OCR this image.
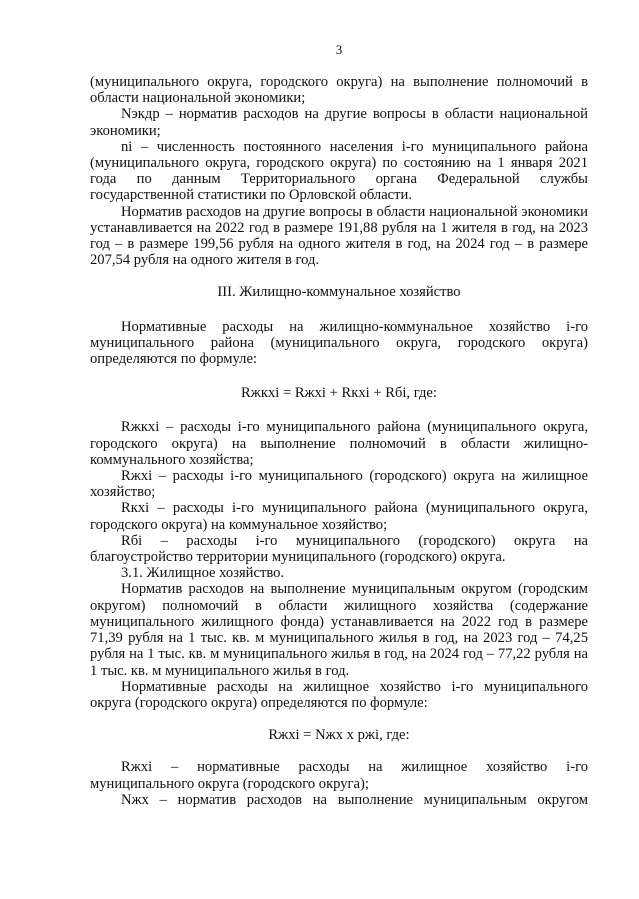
3

(муниципального округа, городского округа) на выполнение полномочий в области национальной экономики;

Nэкдр – норматив расходов на другие вопросы в области национальной экономики;

ni – численность постоянного населения i-го муниципального района (муниципального округа, городского округа) по состоянию на 1 января 2021 года по данным Территориального органа Федеральной службы государственной статистики по Орловской области.

Норматив расходов на другие вопросы в области национальной экономики устанавливается на 2022 год в размере 191,88 рубля на 1 жителя в год, на 2023 год – в размере 199,56 рубля на одного жителя в год, на 2024 год – в размере 207,54 рубля на одного жителя в год.

III. Жилищно-коммунальное хозяйство

Нормативные расходы на жилищно-коммунальное хозяйство i-го муниципального района (муниципального округа, городского округа) определяются по формуле:

Rжкхi = Rжхi + Rкхi + Rбi, где:

Rжкхi – расходы i-го муниципального района (муниципального округа, городского округа) на выполнение полномочий в области жилищно-коммунального хозяйства;

Rжхi – расходы i-го муниципального (городского) округа на жилищное хозяйство;

Rкхi – расходы i-го муниципального района (муниципального округа, городского округа) на коммунальное хозяйство;

Rбi – расходы i-го муниципального (городского) округа на благоустройство территории муниципального (городского) округа.

3.1. Жилищное хозяйство.

Норматив расходов на выполнение муниципальным округом (городским округом) полномочий в области жилищного хозяйства (содержание муниципального жилищного фонда) устанавливается на 2022 год в размере 71,39 рубля на 1 тыс. кв. м муниципального жилья в год, на 2023 год – 74,25 рубля на 1 тыс. кв. м муниципального жилья в год, на 2024 год – 77,22 рубля на 1 тыс. кв. м муниципального жилья в год.

Нормативные расходы на жилищное хозяйство i-го муниципального округа (городского округа) определяются по формуле:

Rжхi = Nжх х ржi, где:

Rжхi – нормативные расходы на жилищное хозяйство i-го муниципального округа (городского округа);

Nжх – норматив расходов на выполнение муниципальным округом
